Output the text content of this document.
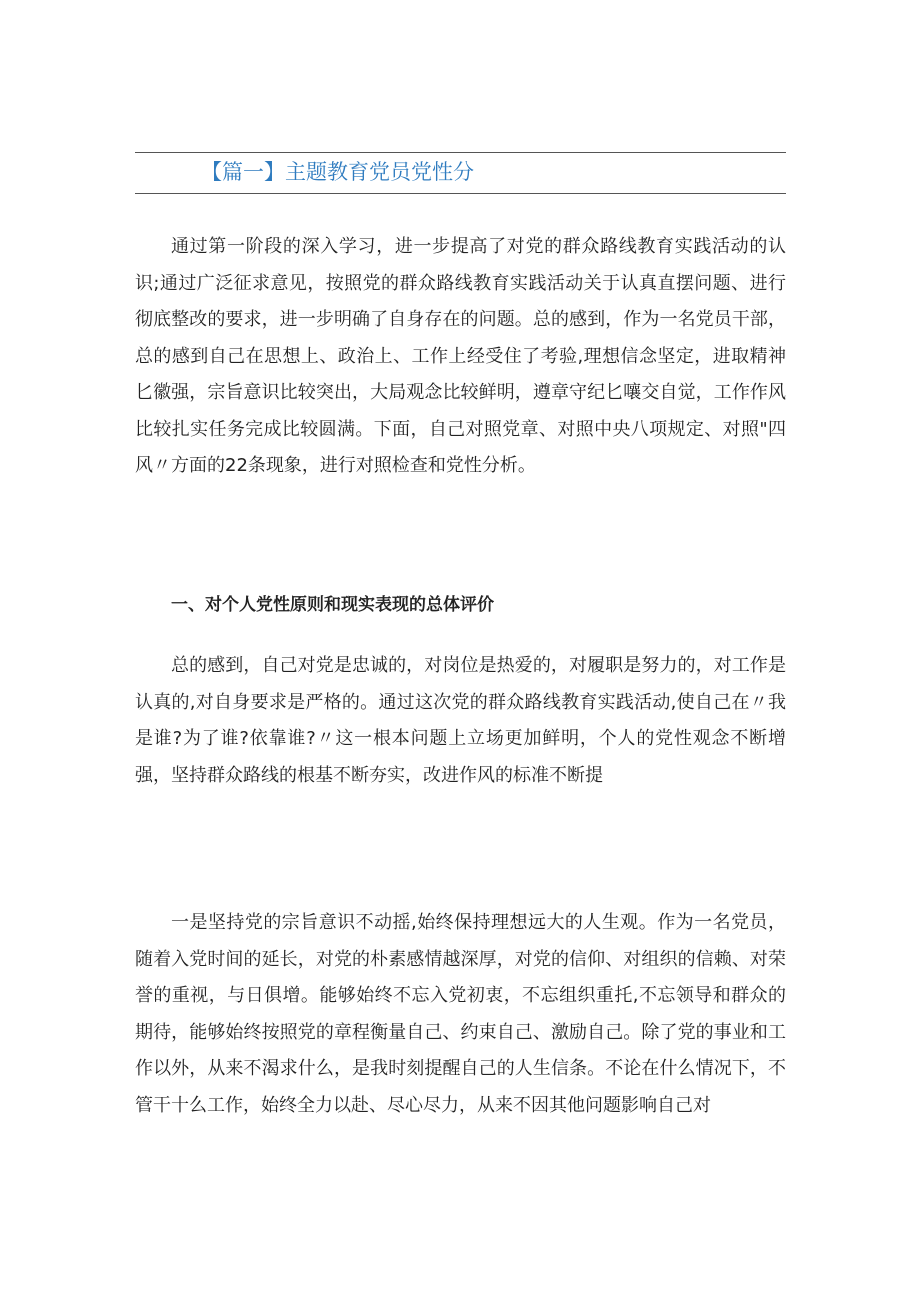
【篇一】主题教育党员党性分

通过第一阶段的深入学习，进一步提高了对党的群众路线教育实践活动的认识;通过广泛征求意见，按照党的群众路线教育实践活动关于认真直摆问题、进行彻底整改的要求，进一步明确了自身存在的问题。总的感到，作为一名党员干部，总的感到自己在思想上、政治上、工作上经受住了考验,理想信念坚定，进取精神匕徽强，宗旨意识比较突出，大局观念比较鲜明，遵章守纪匕嚷交自觉，工作作风比较扎实任务完成比较圆满。下面，自己对照党章、对照中央八项规定、对照"四风〃方面的22条现象，进行对照检查和党性分析。

一、对个人党性原则和现实表现的总体评价

总的感到，自己对党是忠诚的，对岗位是热爱的，对履职是努力的，对工作是认真的,对自身要求是严格的。通过这次党的群众路线教育实践活动,使自己在〃我是谁?为了谁?依靠谁?〃这一根本问题上立场更加鲜明，个人的党性观念不断增强，坚持群众路线的根基不断夯实，改进作风的标准不断提

一是坚持党的宗旨意识不动摇,始终保持理想远大的人生观。作为一名党员，随着入党时间的延长，对党的朴素感情越深厚，对党的信仰、对组织的信赖、对荣誉的重视，与日俱增。能够始终不忘入党初衷，不忘组织重托,不忘领导和群众的期待，能够始终按照党的章程衡量自己、约束自己、激励自己。除了党的事业和工作以外，从来不渴求什么，是我时刻提醒自己的人生信条。不论在什么情况下，不管干十么工作，始终全力以赴、尽心尽力，从来不因其他问题影响自己对
